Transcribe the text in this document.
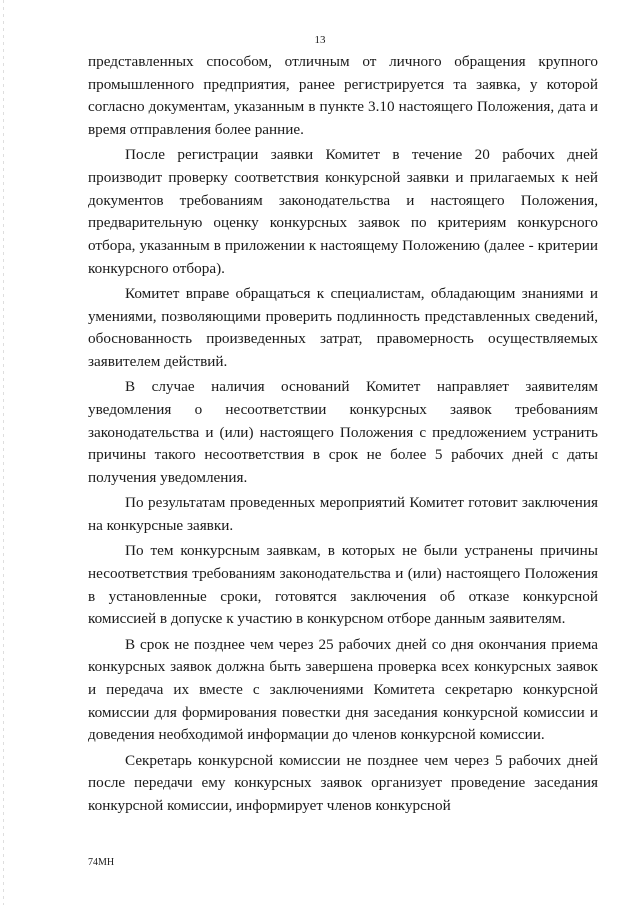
13

представленных способом, отличным от личного обращения крупного промышленного предприятия, ранее регистрируется та заявка, у которой согласно документам, указанным в пункте 3.10 настоящего Положения, дата и время отправления более ранние.

После регистрации заявки Комитет в течение 20 рабочих дней производит проверку соответствия конкурсной заявки и прилагаемых к ней документов требованиям законодательства и настоящего Положения, предварительную оценку конкурсных заявок по критериям конкурсного отбора, указанным в приложении к настоящему Положению (далее - критерии конкурсного отбора).

Комитет вправе обращаться к специалистам, обладающим знаниями и умениями, позволяющими проверить подлинность представленных сведений, обоснованность произведенных затрат, правомерность осуществляемых заявителем действий.

В случае наличия оснований Комитет направляет заявителям уведомления о несоответствии конкурсных заявок требованиям законодательства и (или) настоящего Положения с предложением устранить причины такого несоответствия в срок не более 5 рабочих дней с даты получения уведомления.

По результатам проведенных мероприятий Комитет готовит заключения на конкурсные заявки.

По тем конкурсным заявкам, в которых не были устранены причины несоответствия требованиям законодательства и (или) настоящего Положения в установленные сроки, готовятся заключения об отказе конкурсной комиссией в допуске к участию в конкурсном отборе данным заявителям.

В срок не позднее чем через 25 рабочих дней со дня окончания приема конкурсных заявок должна быть завершена проверка всех конкурсных заявок и передача их вместе с заключениями Комитета секретарю конкурсной комиссии для формирования повестки дня заседания конкурсной комиссии и доведения необходимой информации до членов конкурсной комиссии.

Секретарь конкурсной комиссии не позднее чем через 5 рабочих дней после передачи ему конкурсных заявок организует проведение заседания конкурсной комиссии, информирует членов конкурсной

74МН
